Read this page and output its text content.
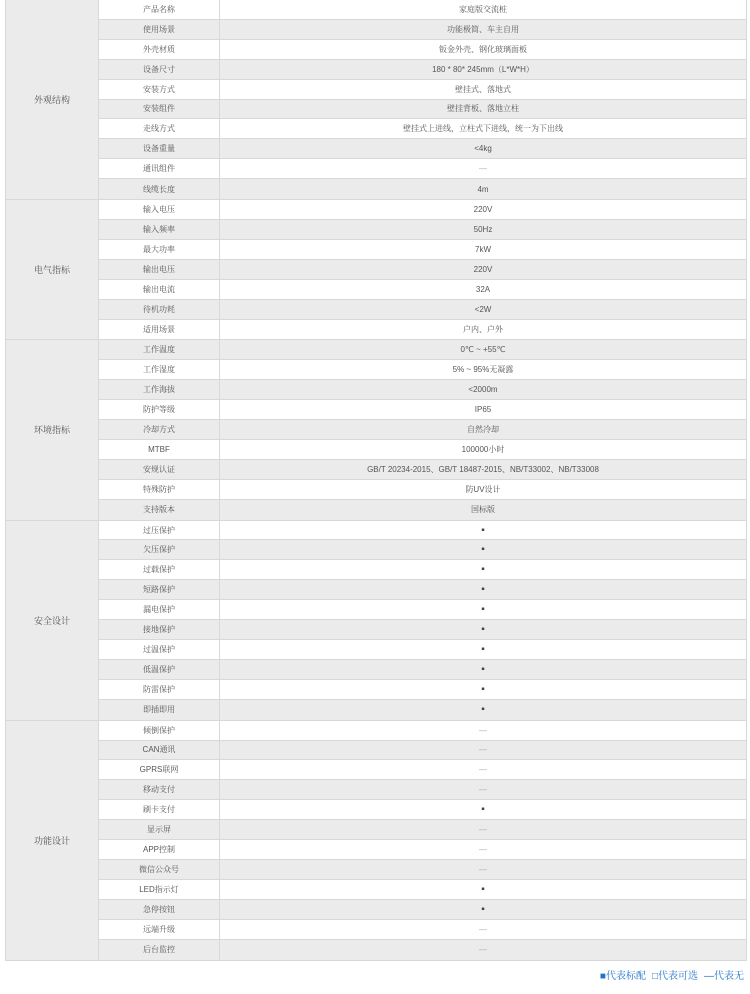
外观结构
产品名称	家庭版交流桩
使用场景	功能极简、车主自用
外壳材质	钣金外壳、钢化玻璃面板
设备尺寸	180 * 80* 245mm（L*W*H）
安装方式	壁挂式、落地式
安装组件	壁挂背板、落地立柱
走线方式	壁挂式上进线，立柱式下进线，统一为下出线
设备重量	<4kg
通讯组件	—
线缆长度	4m
电气指标
输入电压	220V
输入频率	50Hz
最大功率	7kW
输出电压	220V
输出电流	32A
待机功耗	<2W
适用场景	户内、户外
环境指标
工作温度	0℃ ~ +55℃
工作湿度	5% ~ 95%无凝露
工作海拔	<2000m
防护等级	IP65
冷却方式	自然冷却
MTBF	100000小时
安规认证	GB/T 20234-2015、GB/T 18487-2015、NB/T33002、NB/T33008
特殊防护	防UV设计
支持版本	国标版
安全设计
过压保护	▪
欠压保护	▪
过载保护	▪
短路保护	▪
漏电保护	▪
接地保护	▪
过温保护	▪
低温保护	▪
防雷保护	▪
即插即用	▪
功能设计
倾倒保护	—
CAN通讯	—
GPRS联网	—
移动支付	—
刷卡支付	▪
显示屏	—
APP控制	—
微信公众号	—
LED指示灯	▪
急停按钮	▪
远端升级	—
后台监控	—
■代表标配 □代表可选 —代表无
